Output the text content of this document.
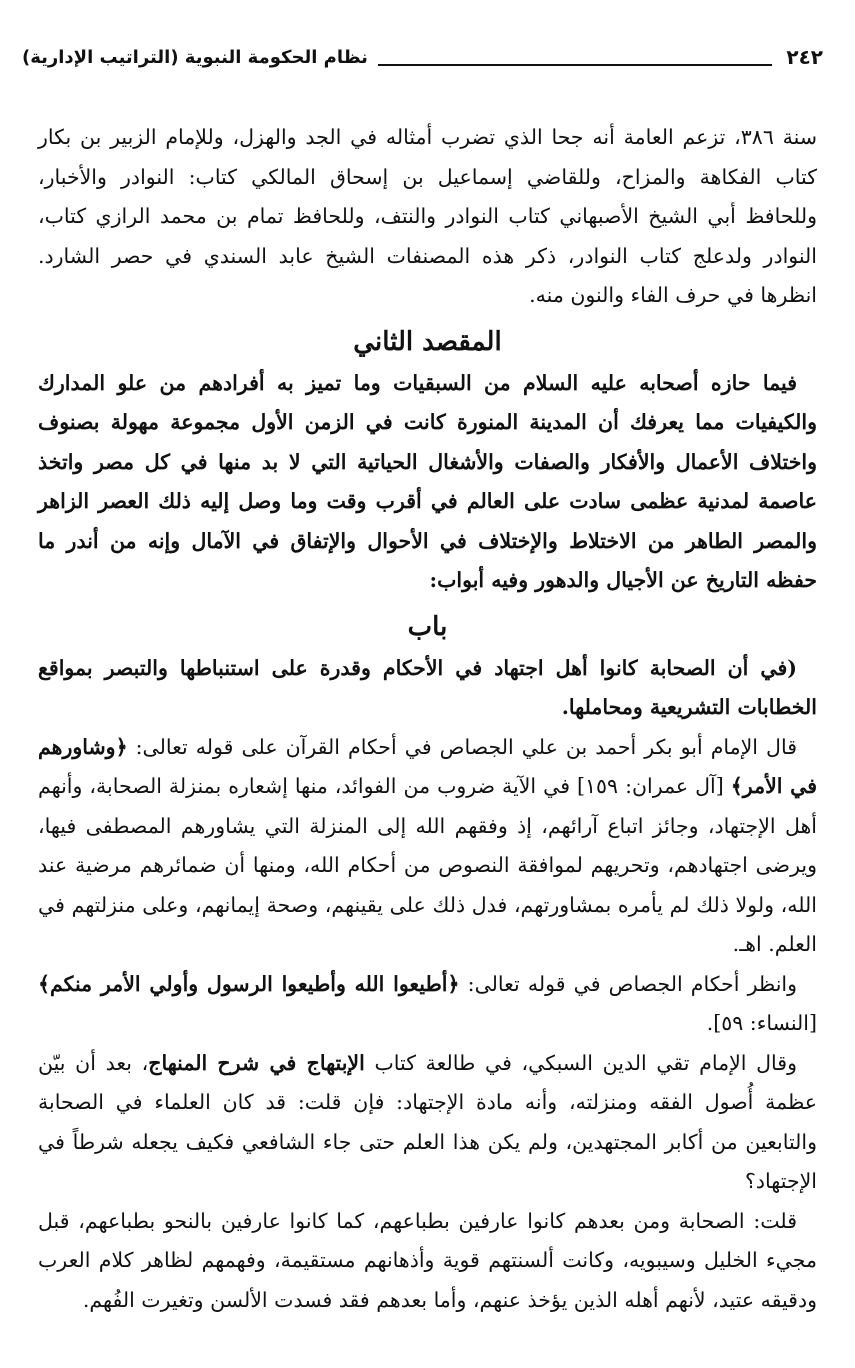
٢٤٢
نظام الحكومة النبوية (التراتيب الإدارية)

سنة ٣٨٦، تزعم العامة أنه جحا الذي تضرب أمثاله في الجد والهزل، وللإمام الزبير بن بكار كتاب الفكاهة والمزاح، وللقاضي إسماعيل بن إسحاق المالكي كتاب: النوادر والأخبار، وللحافظ أبي الشيخ الأصبهاني كتاب النوادر والنتف، وللحافظ تمام بن محمد الرازي كتاب، النوادر ولدعلج كتاب النوادر، ذكر هذه المصنفات الشيخ عابد السندي في حصر الشارد. انظرها في حرف الفاء والنون منه.

المقصد الثاني

فيما حازه أصحابه عليه السلام من السبقيات وما تميز به أفرادهم من علو المدارك والكيفيات مما يعرفك أن المدينة المنورة كانت في الزمن الأول مجموعة مهولة بصنوف واختلاف الأعمال والأفكار والصفات والأشغال الحياتية التي لا بد منها في كل مصر واتخذ عاصمة لمدنية عظمى سادت على العالم في أقرب وقت وما وصل إليه ذلك العصر الزاهر والمصر الطاهر من الاختلاط والإختلاف في الأحوال والإتفاق في الآمال وإنه من أندر ما حفظه التاريخ عن الأجيال والدهور وفيه أبواب:

باب

(في أن الصحابة كانوا أهل اجتهاد في الأحكام وقدرة على استنباطها والتبصر بمواقع الخطابات التشريعية ومحاملها.

قال الإمام أبو بكر أحمد بن علي الجصاص في أحكام القرآن على قوله تعالى: ﴿وشاورهم في الأمر﴾ [آل عمران: ١٥٩] في الآية ضروب من الفوائد، منها إشعاره بمنزلة الصحابة، وأنهم أهل الإجتهاد، وجائز اتباع آرائهم، إذ وفقهم الله إلى المنزلة التي يشاورهم المصطفى فيها، ويرضى اجتهادهم، وتحريهم لموافقة النصوص من أحكام الله، ومنها أن ضمائرهم مرضية عند الله، ولولا ذلك لم يأمره بمشاورتهم، فدل ذلك على يقينهم، وصحة إيمانهم، وعلى منزلتهم في العلم. اهـ.

وانظر أحكام الجصاص في قوله تعالى: ﴿أطيعوا الله وأطيعوا الرسول وأولي الأمر منكم﴾ [النساء: ٥٩].

وقال الإمام تقي الدين السبكي، في طالعة كتاب الإبتهاج في شرح المنهاج، بعد أن بيّن عظمة أُصول الفقه ومنزلته، وأنه مادة الإجتهاد: فإن قلت: قد كان العلماء في الصحابة والتابعين من أكابر المجتهدين، ولم يكن هذا العلم حتى جاء الشافعي فكيف يجعله شرطاً في الإجتهاد؟

قلت: الصحابة ومن بعدهم كانوا عارفين بطباعهم، كما كانوا عارفين بالنحو بطباعهم، قبل مجيء الخليل وسيبويه، وكانت ألسنتهم قوية وأذهانهم مستقيمة، وفهمهم لظاهر كلام العرب ودقيقه عتيد، لأنهم أهله الذين يؤخذ عنهم، وأما بعدهم فقد فسدت الألسن وتغيرت الفُهم.
